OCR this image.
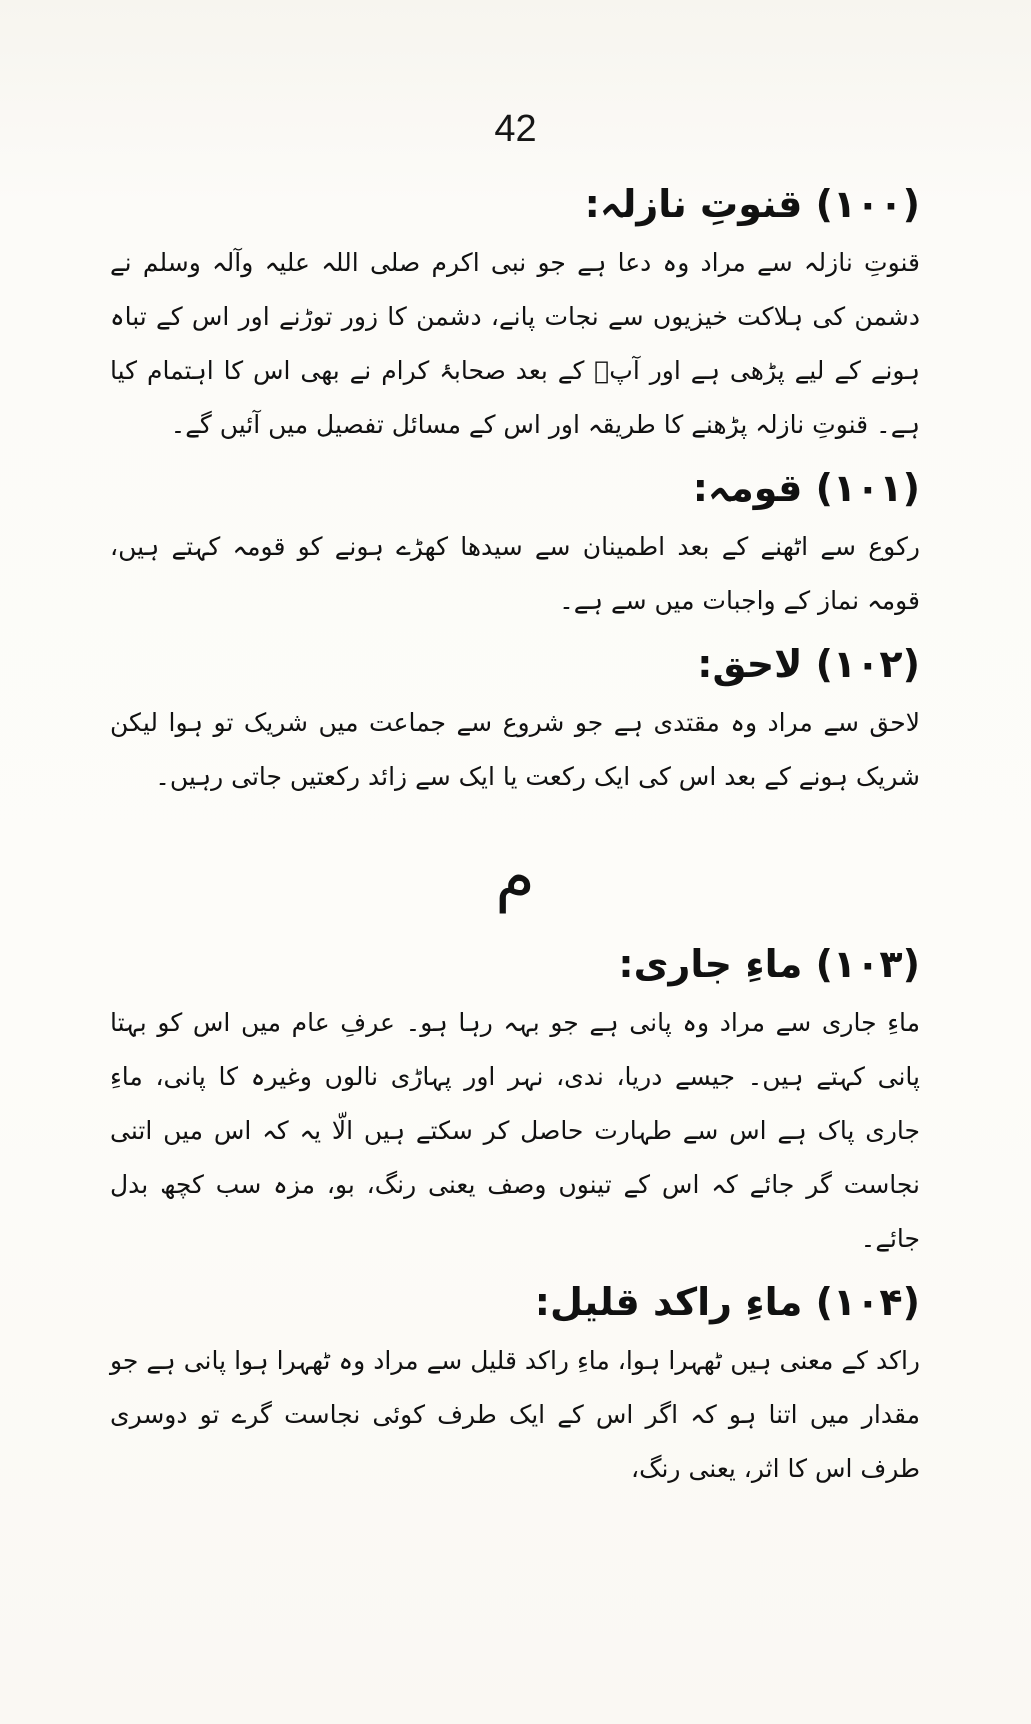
42
(۱۰۰) قنوتِ نازلہ:

قنوتِ نازلہ سے مراد وہ دعا ہے جو نبی اکرم صلی اللہ علیہ وآلہ وسلم نے دشمن کی ہلاکت خیزیوں سے نجات پانے، دشمن کا زور توڑنے اور اس کے تباہ ہونے کے لیے پڑھی ہے اور آپؐ کے بعد صحابۂ کرام نے بھی اس کا اہتمام کیا ہے۔ قنوتِ نازلہ پڑھنے کا طریقہ اور اس کے مسائل تفصیل میں آئیں گے۔

(۱۰۱) قومہ:

رکوع سے اٹھنے کے بعد اطمینان سے سیدھا کھڑے ہونے کو قومہ کہتے ہیں، قومہ نماز کے واجبات میں سے ہے۔

(۱۰۲) لاحق:

لاحق سے مراد وہ مقتدی ہے جو شروع سے جماعت میں شریک تو ہوا لیکن شریک ہونے کے بعد اس کی ایک رکعت یا ایک سے زائد رکعتیں جاتی رہیں۔

م
(۱۰۳) ماءِ جاری:

ماءِ جاری سے مراد وہ پانی ہے جو بہہ رہا ہو۔ عرفِ عام میں اس کو بہتا پانی کہتے ہیں۔ جیسے دریا، ندی، نہر اور پہاڑی نالوں وغیرہ کا پانی، ماءِ جاری پاک ہے اس سے طہارت حاصل کر سکتے ہیں الّا یہ کہ اس میں اتنی نجاست گر جائے کہ اس کے تینوں وصف یعنی رنگ، بو، مزہ سب کچھ بدل جائے۔

(۱۰۴) ماءِ راکد قلیل:

راکد کے معنی ہیں ٹھہرا ہوا، ماءِ راکد قلیل سے مراد وہ ٹھہرا ہوا پانی ہے جو مقدار میں اتنا ہو کہ اگر اس کے ایک طرف کوئی نجاست گرے تو دوسری طرف اس کا اثر، یعنی رنگ،
